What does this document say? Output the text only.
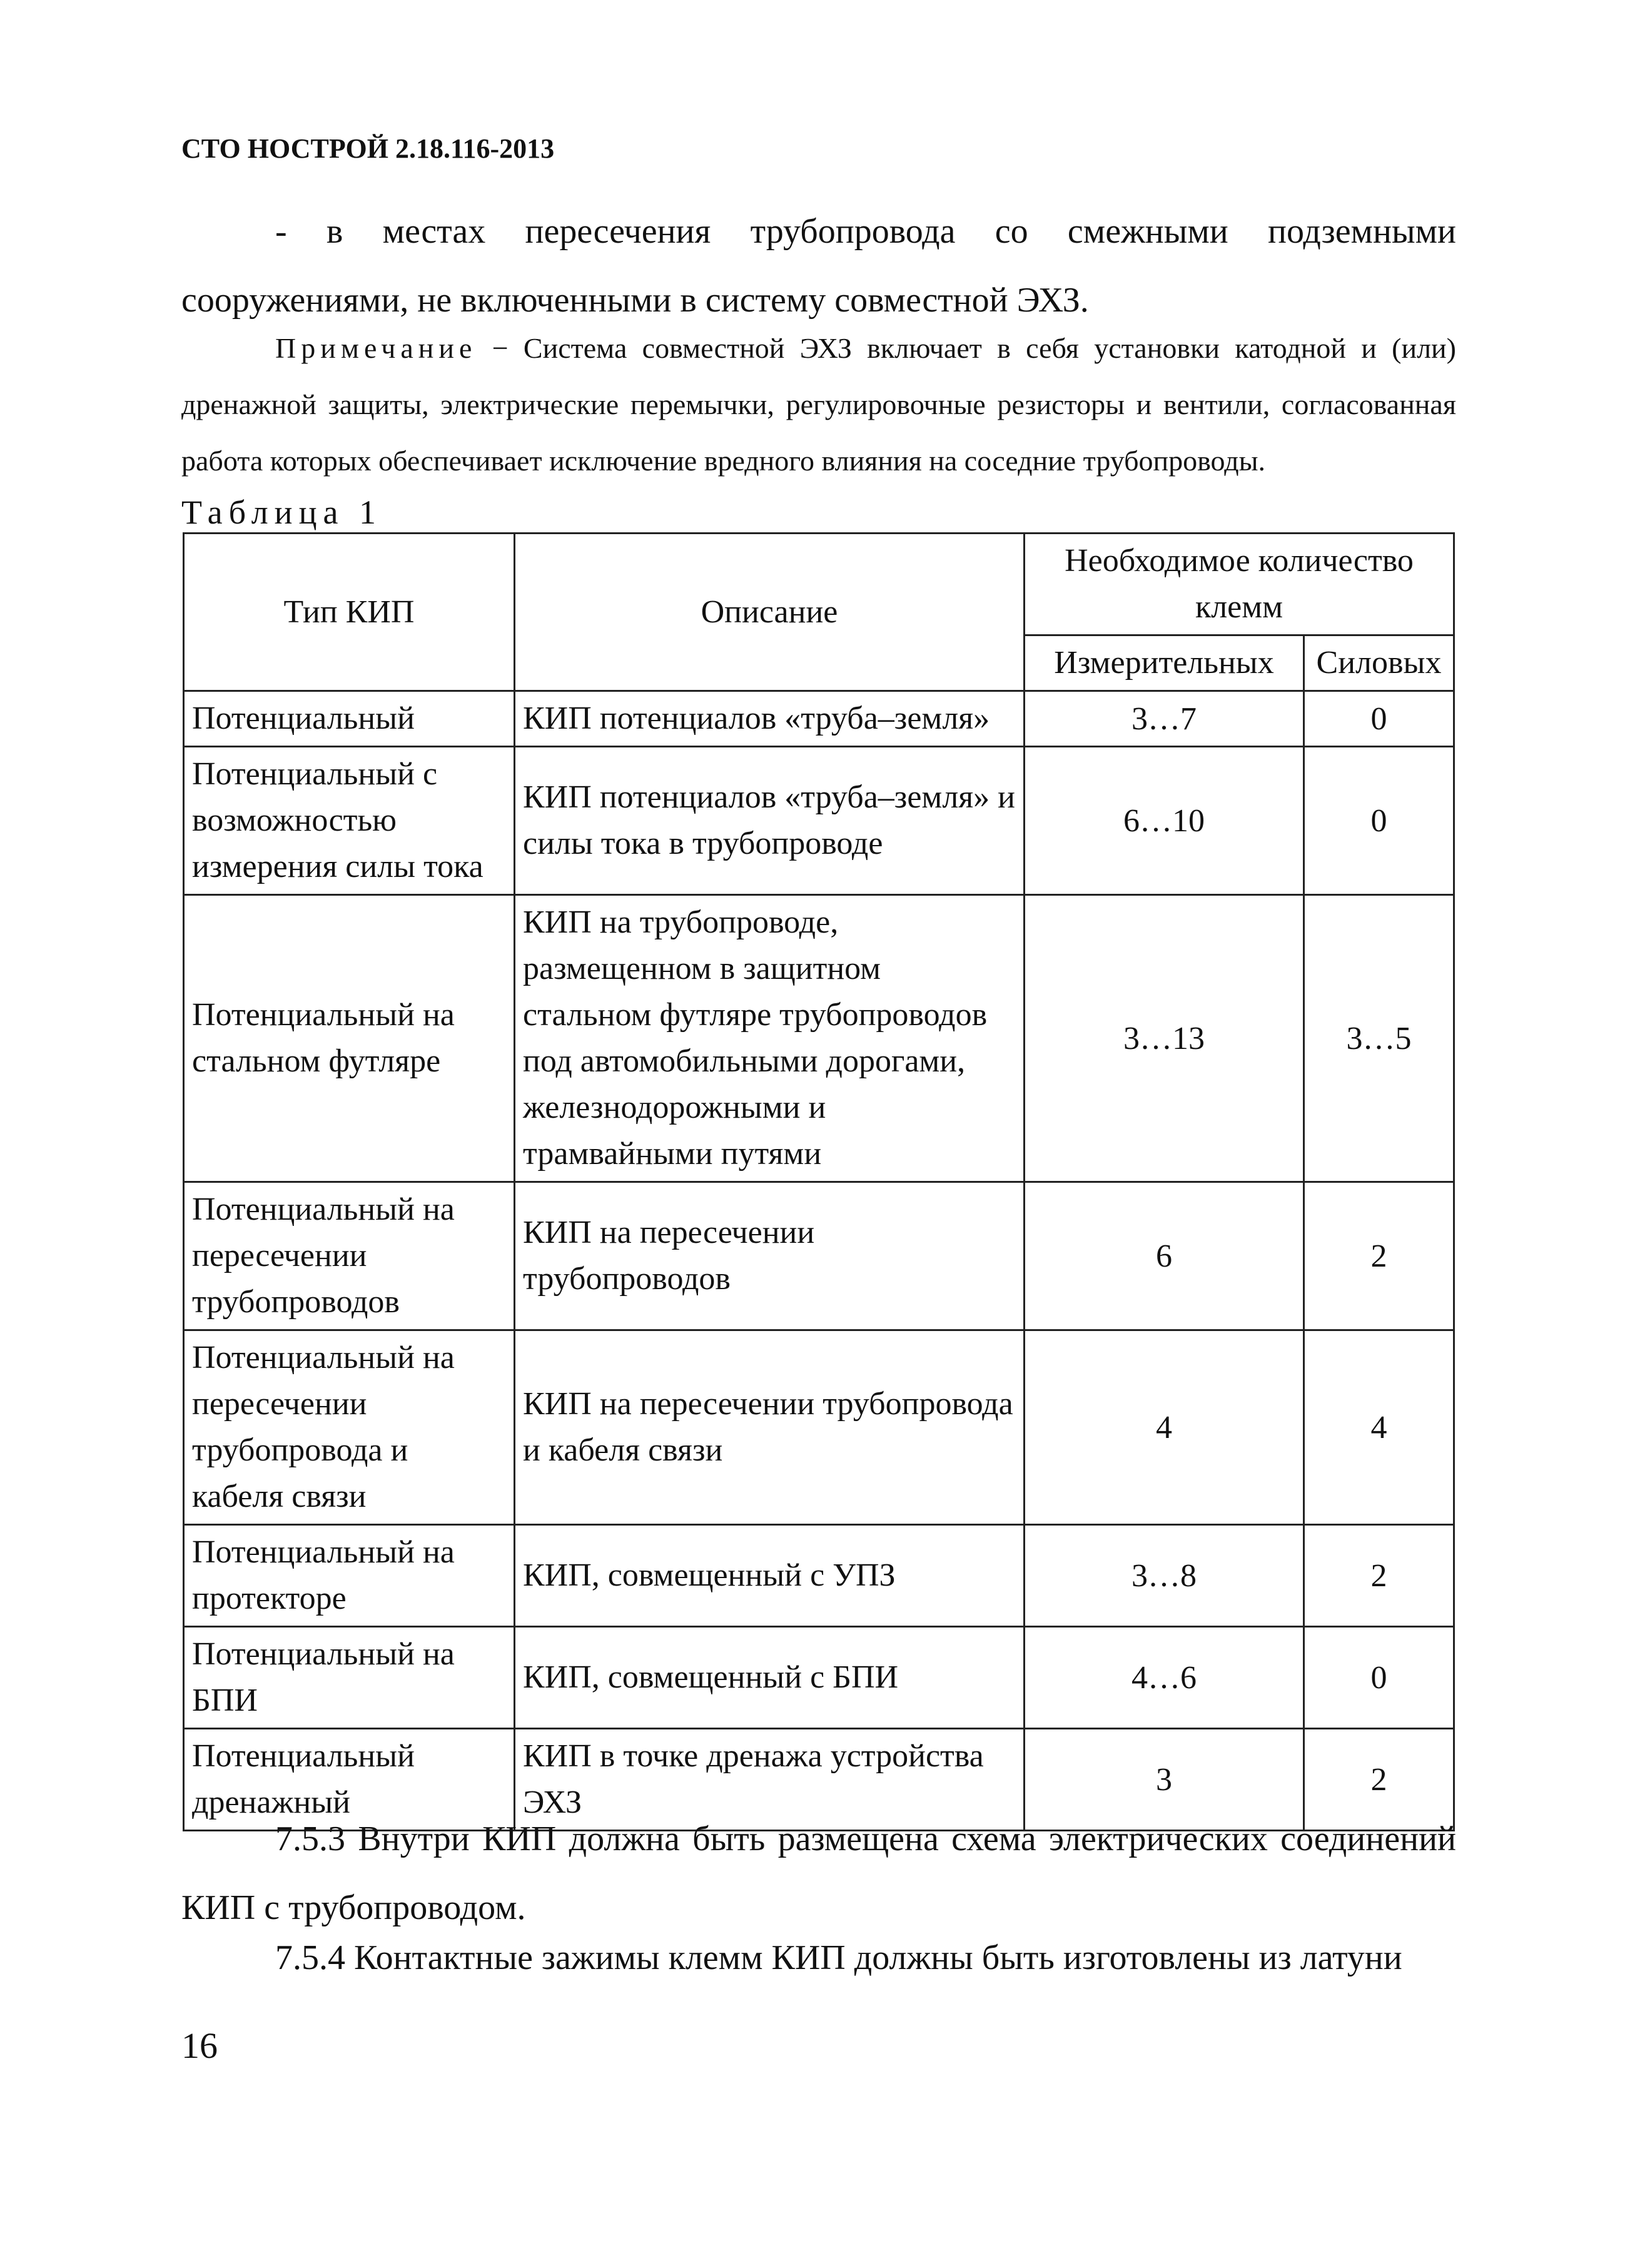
СТО НОСТРОЙ 2.18.116-2013
- в местах пересечения трубопровода со смежными подземными сооружениями, не включенными в систему совместной ЭХЗ.
Примечание − Система совместной ЭХЗ включает в себя установки катодной и (или) дренажной защиты, электрические перемычки, регулировочные резисторы и вентили, согласованная работа которых обеспечивает исключение вредного влияния на соседние трубопроводы.
Таблица 1
Тип КИП	Описание	Необходимое количество клемм	
		Измерительных	Силовых
Потенциальный	КИП потенциалов «труба–земля»	3…7	0
Потенциальный с возможностью измерения силы тока	КИП потенциалов «труба–земля» и силы тока в трубопроводе	6…10	0
Потенциальный на стальном футляре	КИП на трубопроводе, размещенном в защитном стальном футляре трубопроводов под автомобильными дорогами, железнодорожными и трамвайными путями	3…13	3…5
Потенциальный на пересечении трубопроводов	КИП на пересечении трубопроводов	6	2
Потенциальный на пересечении трубопровода и кабеля связи	КИП на пересечении трубопровода и кабеля связи	4	4
Потенциальный на протекторе	КИП, совмещенный с УПЗ	3…8	2
Потенциальный на БПИ	КИП, совмещенный с БПИ	4…6	0
Потенциальный дренажный	КИП в точке дренажа устройства ЭХЗ	3	2
7.5.3 Внутри КИП должна быть размещена схема электрических соединений КИП с трубопроводом.
7.5.4 Контактные зажимы клемм КИП должны быть изготовлены из латуни
16
